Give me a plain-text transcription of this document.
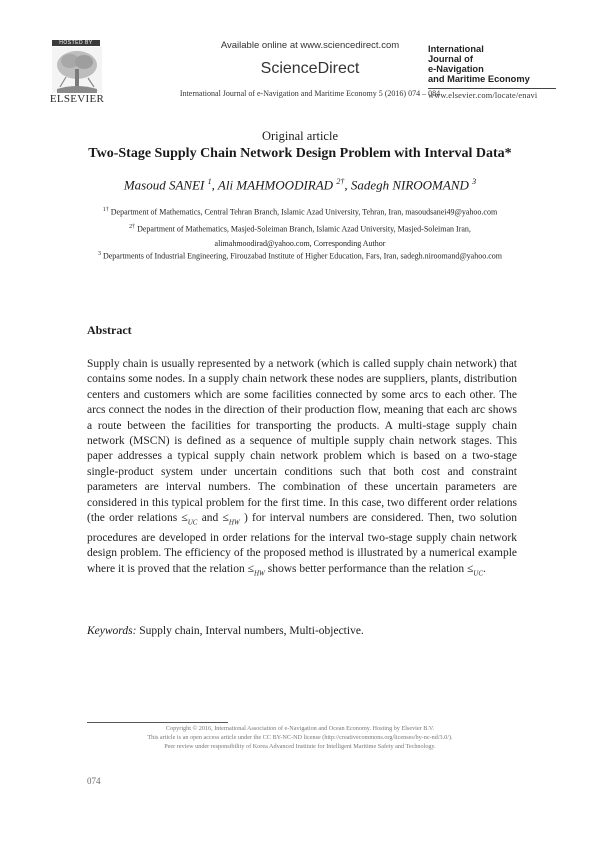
HOSTED BY
ELSEVIER
Available online at www.sciencedirect.com
ScienceDirect
International Journal of e-Navigation and Maritime Economy 5 (2016) 074 – 084
International
Journal of
e-Navigation
and Maritime Economy
www.elsevier.com/locate/enavi
Original article
Two-Stage Supply Chain Network Design Problem with Interval Data*
Masoud SANEI $^1$, Ali MAHMOODIRAD $^{2\dagger}$, Sadegh NIROOMAND $^3$
$^{1\dagger}$ Department of Mathematics, Central Tehran Branch, Islamic Azad University, Tehran, Iran, masoudsanei49@yahoo.com
$^{2\dagger}$ Department of Mathematics, Masjed-Soleiman Branch, Islamic Azad University, Masjed-Soleiman Iran,
alimahmoodirad@yahoo.com, Corresponding Author
$^3$ Departments of Industrial Engineering, Firouzabad Institute of Higher Education, Fars, Iran, sadegh.niroomand@yahoo.com
Abstract
Supply chain is usually represented by a network (which is called supply chain network) that contains some nodes. In a supply chain network these nodes are suppliers, plants, distribution centers and customers which are some facilities connected by some arcs to each other. The arcs connect the nodes in the direction of their production flow, meaning that each arc shows a route between the facilities for transporting the products. A multi-stage supply chain network (MSCN) is defined as a sequence of multiple supply chain network stages. This paper addresses a typical supply chain network problem which is based on a two-stage single-product system under uncertain conditions such that both cost and constraint parameters are interval numbers. The combination of these uncertain parameters are considered in this typical problem for the first time. In this case, two different order relations (the order relations $\le_{UC}$ and $\le_{HW}$ ) for interval numbers are considered. Then, two solution procedures are developed in order relations for the interval two-stage supply chain network design problem. The efficiency of the proposed method is illustrated by a numerical example where it is proved that the relation $\le_{HW}$ shows better performance than the relation $\le_{UC}$.
Keywords: Supply chain, Interval numbers, Multi-objective.
Copyright © 2016, International Association of e-Navigation and Ocean Economy. Hosting by Elsevier B.V.
This article is an open access article under the CC BY-NC-ND license (http://creativecommons.org/licenses/by-nc-nd/3.0/).
Peer review under responsibility of Korea Advanced Institute for Intelligent Maritime Safety and Technology.
074
